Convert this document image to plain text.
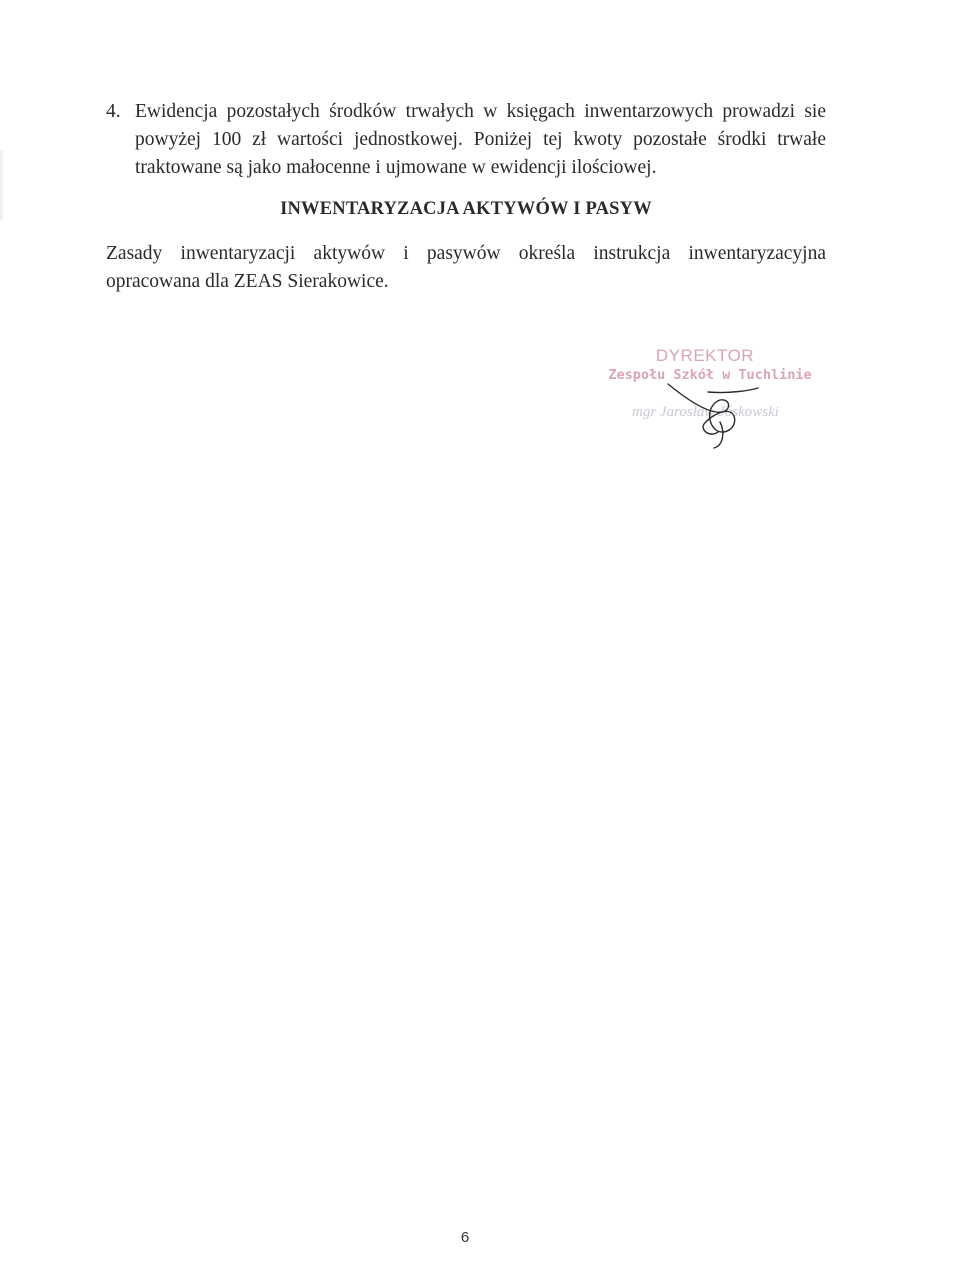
4. Ewidencja pozostałych środków trwałych w księgach inwentarzowych prowadzi sie powyżej 100 zł wartości jednostkowej. Poniżej tej kwoty pozostałe środki trwałe traktowane są jako małocenne i ujmowane w ewidencji ilościowej.
INWENTARYZACJA AKTYWÓW I PASYW
Zasady inwentaryzacji aktywów i pasywów określa instrukcja inwentaryzacyjna opracowana dla ZEAS Sierakowice.
DYREKTOR
Zespołu Szkół w Tuchlinie
mgr Jarosław Jóskowski
6
